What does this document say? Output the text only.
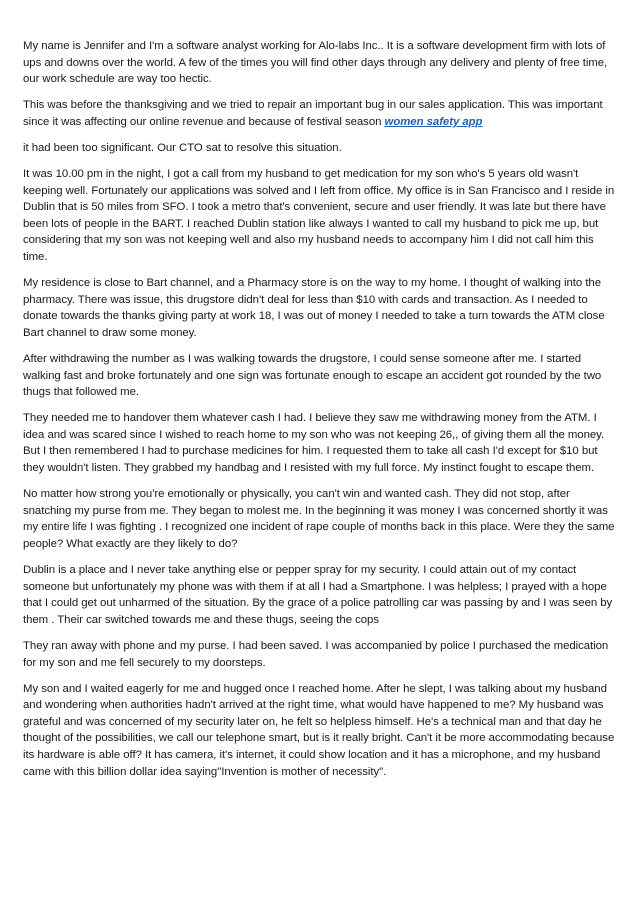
My name is Jennifer and I'm a software analyst working for Alo-labs Inc.. It is a software development firm with lots of ups and downs over the world. A few of the times you will find other days through any delivery and plenty of free time, our work schedule are way too hectic.

This was before the thanksgiving and we tried to repair an important bug in our sales application. This was important since it was affecting our online revenue and because of festival season women safety app

it had been too significant. Our CTO sat to resolve this situation.

It was 10.00 pm in the night, I got a call from my husband to get medication for my son who's 5 years old wasn't keeping well. Fortunately our applications was solved and I left from office. My office is in San Francisco and I reside in Dublin that is 50 miles from SFO. I took a metro that's convenient, secure and user friendly. It was late but there have been lots of people in the BART. I reached Dublin station like always I wanted to call my husband to pick me up, but considering that my son was not keeping well and also my husband needs to accompany him I did not call him this time.

My residence is close to Bart channel, and a Pharmacy store is on the way to my home. I thought of walking into the pharmacy. There was issue, this drugstore didn't deal for less than $10 with cards and transaction. As I needed to donate towards the thanks giving party at work 18, I was out of money I needed to take a turn towards the ATM close Bart channel to draw some money.

After withdrawing the number as I was walking towards the drugstore, I could sense someone after me. I started walking fast and broke fortunately and one sign was fortunate enough to escape an accident got rounded by the two thugs that followed me.

They needed me to handover them whatever cash I had. I believe they saw me withdrawing money from the ATM. I idea and was scared since I wished to reach home to my son who was not keeping 26,, of giving them all the money. But I then remembered I had to purchase medicines for him. I requested them to take all cash I'd except for $10 but they wouldn't listen. They grabbed my handbag and I resisted with my full force. My instinct fought to escape them.

No matter how strong you're emotionally or physically, you can't win and wanted cash. They did not stop, after snatching my purse from me. They began to molest me. In the beginning it was money I was concerned shortly it was my entire life I was fighting . I recognized one incident of rape couple of months back in this place. Were they the same people? What exactly are they likely to do?

Dublin is a place and I never take anything else or pepper spray for my security. I could attain out of my contact someone but unfortunately my phone was with them if at all I had a Smartphone. I was helpless; I prayed with a hope that I could get out unharmed of the situation. By the grace of a police patrolling car was passing by and I was seen by them . Their car switched towards me and these thugs, seeing the cops

They ran away with phone and my purse. I had been saved. I was accompanied by police I purchased the medication for my son and me fell securely to my doorsteps.

My son and I waited eagerly for me and hugged once I reached home. After he slept, I was talking about my husband and wondering when authorities hadn't arrived at the right time, what would have happened to me? My husband was grateful and was concerned of my security later on, he felt so helpless himself. He's a technical man and that day he thought of the possibilities, we call our telephone smart, but is it really bright. Can't it be more accommodating because its hardware is able off? It has camera, it's internet, it could show location and it has a microphone, and my husband came with this billion dollar idea saying"Invention is mother of necessity".
